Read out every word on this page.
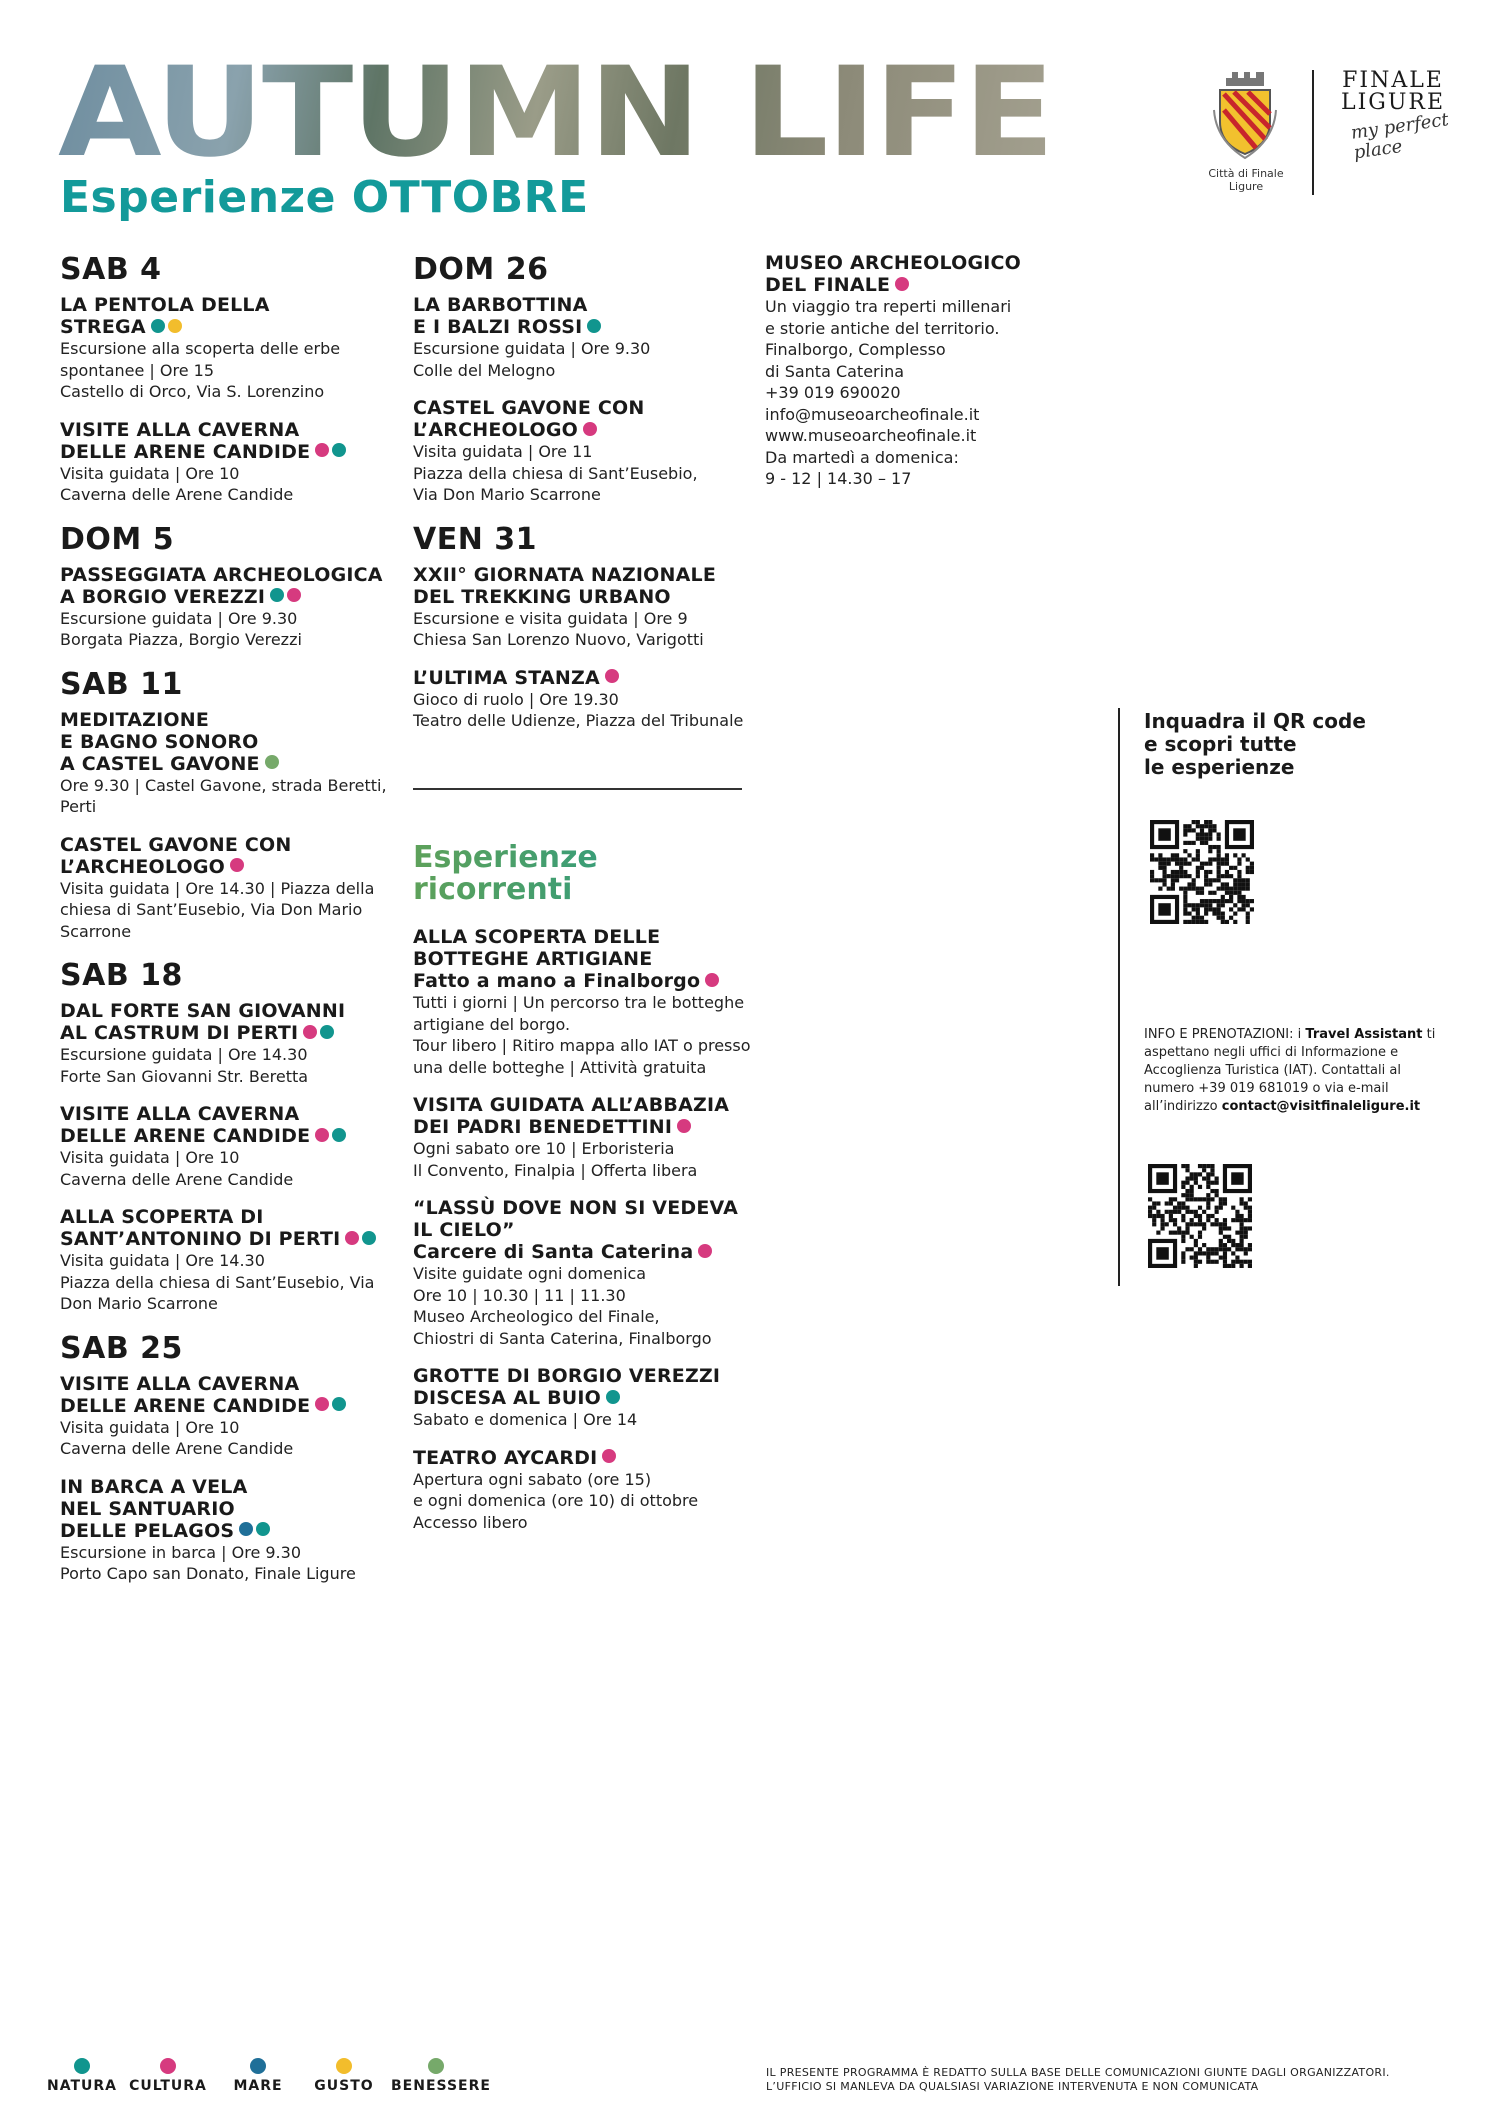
AUTUMN LIFE
Esperienze OTTOBRE	Città di Finale Ligure
FINALE
LIGURE
my perfect place
SAB 4
LA PENTOLA DELLA
STREGA
Escursione alla scoperta delle erbe
spontanee | Ore 15
Castello di Orco, Via S. Lorenzino
VISITE ALLA CAVERNA
DELLE ARENE CANDIDE
Visita guidata | Ore 10
Caverna delle Arene Candide
DOM 5
PASSEGGIATA ARCHEOLOGICA
A BORGIO VEREZZI
Escursione guidata | Ore 9.30
Borgata Piazza, Borgio Verezzi
SAB 11
MEDITAZIONE
E BAGNO SONORO
A CASTEL GAVONE
Ore 9.30 | Castel Gavone, strada Beretti,
Perti
CASTEL GAVONE CON
L’ARCHEOLOGO
Visita guidata | Ore 14.30 | Piazza della
chiesa di Sant’Eusebio, Via Don Mario
Scarrone
SAB 18
DAL FORTE SAN GIOVANNI
AL CASTRUM DI PERTI
Escursione guidata | Ore 14.30
Forte San Giovanni Str. Beretta
VISITE ALLA CAVERNA
DELLE ARENE CANDIDE
Visita guidata | Ore 10
Caverna delle Arene Candide
ALLA SCOPERTA DI
SANT’ANTONINO DI PERTI
Visita guidata | Ore 14.30
Piazza della chiesa di Sant’Eusebio, Via
Don Mario Scarrone
SAB 25
VISITE ALLA CAVERNA
DELLE ARENE CANDIDE
Visita guidata | Ore 10
Caverna delle Arene Candide
IN BARCA A VELA
NEL SANTUARIO
DELLE PELAGOS
Escursione in barca | Ore 9.30
Porto Capo san Donato, Finale Ligure
DOM 26
LA BARBOTTINA
E I BALZI ROSSI
Escursione guidata | Ore 9.30
Colle del Melogno
CASTEL GAVONE CON
L’ARCHEOLOGO
Visita guidata | Ore 11
Piazza della chiesa di Sant’Eusebio,
Via Don Mario Scarrone
VEN 31
XXII° GIORNATA NAZIONALE
DEL TREKKING URBANO
Escursione e visita guidata | Ore 9
Chiesa San Lorenzo Nuovo, Varigotti
L’ULTIMA STANZA
Gioco di ruolo | Ore 19.30
Teatro delle Udienze, Piazza del Tribunale
Esperienze
ricorrenti
ALLA SCOPERTA DELLE
BOTTEGHE ARTIGIANE
Fatto a mano a Finalborgo
Tutti i giorni | Un percorso tra le botteghe
artigiane del borgo.
Tour libero | Ritiro mappa allo IAT o presso
una delle botteghe | Attività gratuita
VISITA GUIDATA ALL’ABBAZIA
DEI PADRI BENEDETTINI
Ogni sabato ore 10 | Erboristeria
Il Convento, Finalpia | Offerta libera
“LASSÙ DOVE NON SI VEDEVA
IL CIELO”
Carcere di Santa Caterina
Visite guidate ogni domenica
Ore 10 | 10.30 | 11 | 11.30
Museo Archeologico del Finale,
Chiostri di Santa Caterina, Finalborgo
GROTTE DI BORGIO VEREZZI
DISCESA AL BUIO
Sabato e domenica | Ore 14
TEATRO AYCARDI
Apertura ogni sabato (ore 15)
e ogni domenica (ore 10) di ottobre
Accesso libero
MUSEO ARCHEOLOGICO
DEL FINALE
Un viaggio tra reperti millenari
e storie antiche del territorio.
Finalborgo, Complesso
di Santa Caterina
+39 019 690020
info@museoarcheofinale.it
www.museoarcheofinale.it
Da martedì a domenica:
9 - 12 | 14.30 – 17
Inquadra il QR code
e scopri tutte
le esperienze
INFO E PRENOTAZIONI: i Travel Assistant ti aspettano negli uffici di Informazione e Accoglienza Turistica (IAT). Contattali al numero +39 019 681019 o via e-mail all’indirizzo contact@visitfinaleligure.it
NATURA CULTURA	MARE	GUSTO	BENESSERE
IL PRESENTE PROGRAMMA È REDATTO SULLA BASE DELLE COMUNICAZIONI GIUNTE DAGLI ORGANIZZATORI.
L’UFFICIO SI MANLEVA DA QUALSIASI VARIAZIONE INTERVENUTA E NON COMUNICATA
